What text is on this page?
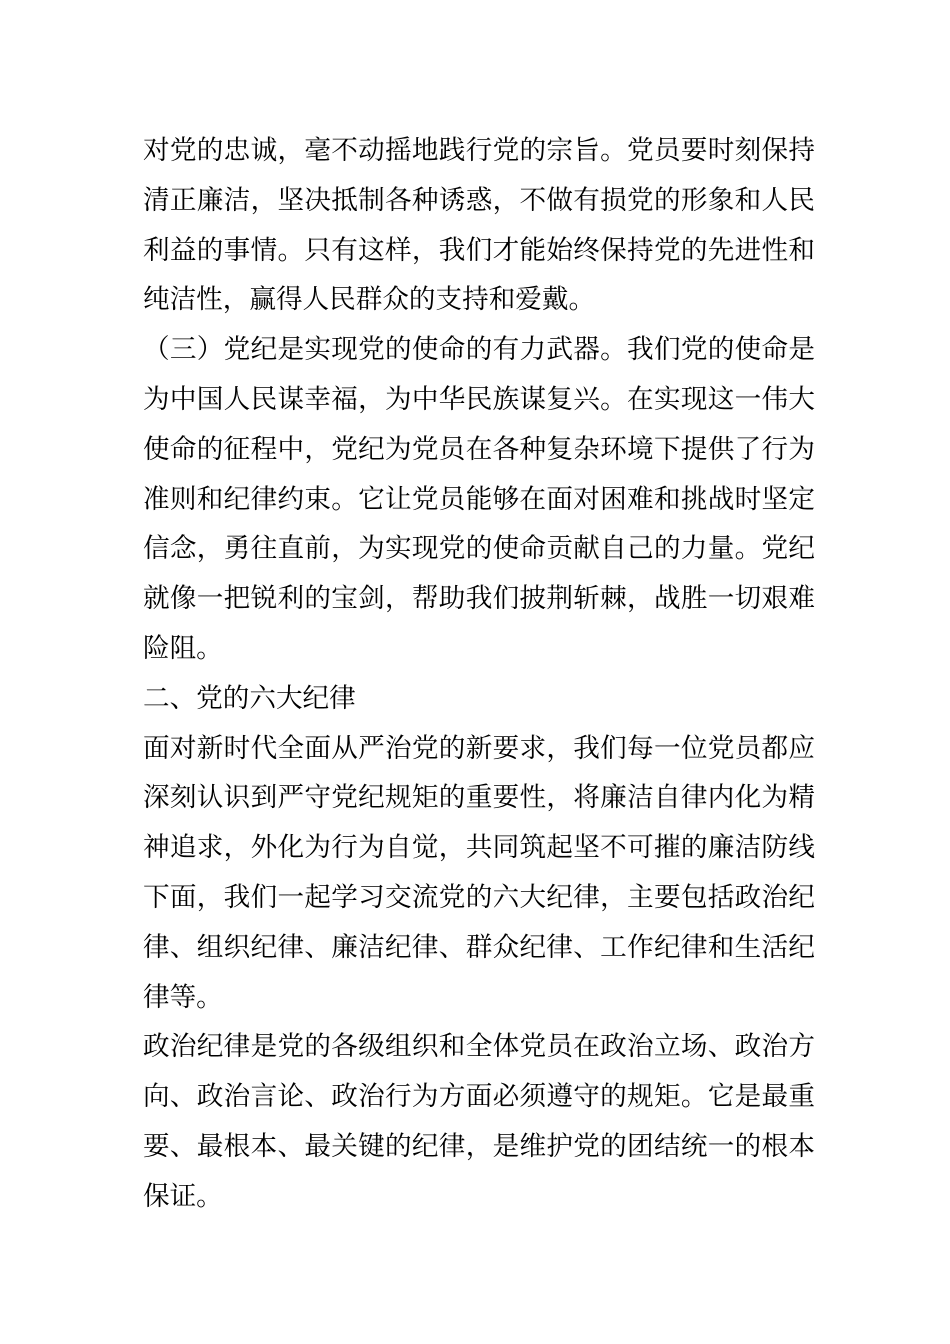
对党的忠诚，毫不动摇地践行党的宗旨。党员要时刻保持清正廉洁，坚决抵制各种诱惑，不做有损党的形象和人民利益的事情。只有这样，我们才能始终保持党的先进性和纯洁性，赢得人民群众的支持和爱戴。

（三）党纪是实现党的使命的有力武器。我们党的使命是为中国人民谋幸福，为中华民族谋复兴。在实现这一伟大使命的征程中，党纪为党员在各种复杂环境下提供了行为准则和纪律约束。它让党员能够在面对困难和挑战时坚定信念，勇往直前，为实现党的使命贡献自己的力量。党纪就像一把锐利的宝剑，帮助我们披荆斩棘，战胜一切艰难险阻。

二、党的六大纪律

面对新时代全面从严治党的新要求，我们每一位党员都应深刻认识到严守党纪规矩的重要性，将廉洁自律内化为精神追求，外化为行为自觉，共同筑起坚不可摧的廉洁防线下面，我们一起学习交流党的六大纪律，主要包括政治纪律、组织纪律、廉洁纪律、群众纪律、工作纪律和生活纪律等。

政治纪律是党的各级组织和全体党员在政治立场、政治方向、政治言论、政治行为方面必须遵守的规矩。它是最重要、最根本、最关键的纪律，是维护党的团结统一的根本保证。
